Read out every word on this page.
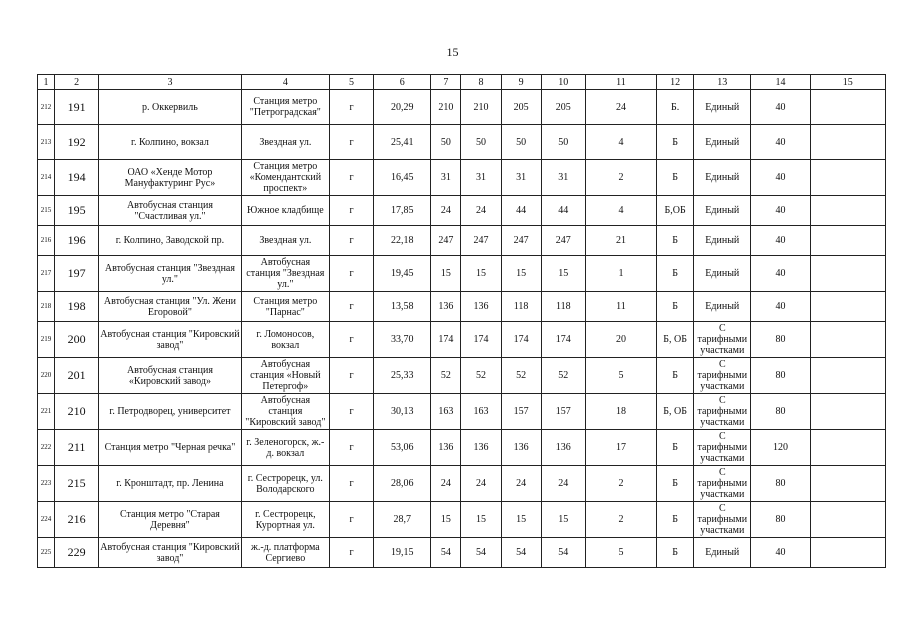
15
1	2	3	4	5	6	7	8	9	10	11	12	13	14	15
212	191	р. Оккервиль	Станция метро "Петроградская"	г	20,29	210	210	205	205	24	Б.	Единый	40	
213	192	г. Колпино, вокзал	Звездная ул.	г	25,41	50	50	50	50	4	Б	Единый	40	
214	194	ОАО «Хенде Мотор Мануфактуринг Рус»	Станция метро «Комендантский проспект»	г	16,45	31	31	31	31	2	Б	Единый	40	
215	195	Автобусная станция "Счастливая ул."	Южное кладбище	г	17,85	24	24	44	44	4	Б,ОБ	Единый	40	
216	196	г. Колпино, Заводской пр.	Звездная ул.	г	22,18	247	247	247	247	21	Б	Единый	40	
217	197	Автобусная станция "Звездная ул."	Автобусная станция "Звездная ул."	г	19,45	15	15	15	15	1	Б	Единый	40	
218	198	Автобусная станция "Ул. Жени Егоровой"	Станция метро "Парнас"	г	13,58	136	136	118	118	11	Б	Единый	40	
219	200	Автобусная станция "Кировский завод"	г. Ломоносов, вокзал	г	33,70	174	174	174	174	20	Б, ОБ	С тарифными участками	80	
220	201	Автобусная станция «Кировский завод»	Автобусная станция «Новый Петергоф»	г	25,33	52	52	52	52	5	Б	С тарифными участками	80	
221	210	г. Петродворец, университет	Автобусная станция "Кировский завод"	г	30,13	163	163	157	157	18	Б, ОБ	С тарифными участками	80	
222	211	Станция метро "Черная речка"	г. Зеленогорск, ж.-д. вокзал	г	53,06	136	136	136	136	17	Б	С тарифными участками	120	
223	215	г. Кронштадт, пр. Ленина	г. Сестрорецк, ул. Володарского	г	28,06	24	24	24	24	2	Б	С тарифными участками	80	
224	216	Станция метро "Старая Деревня"	г. Сестрорецк, Курортная ул.	г	28,7	15	15	15	15	2	Б	С тарифными участками	80	
225	229	Автобусная станция "Кировский завод"	ж.-д. платформа Сергиево	г	19,15	54	54	54	54	5	Б	Единый	40	
